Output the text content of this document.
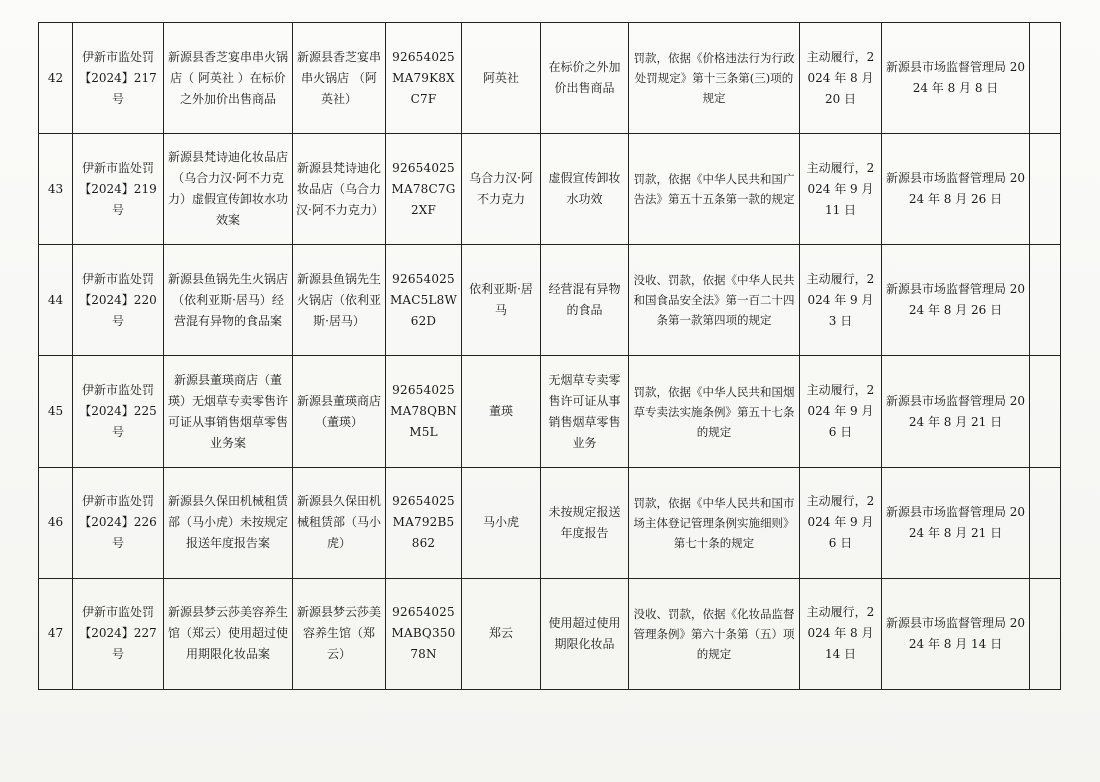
42	伊新市监处罚【2024】217 号	新源县香芝宴串串火锅店（ 阿英社 ）在标价之外加价出售商品	新源县香芝宴串串火锅店 （阿英社）	92654025MA79K8XC7F	阿英社	在标价之外加价出售商品	罚款，依据《价格违法行为行政处罚规定》第十三条第(三)项的规定	主动履行，2024 年 8 月 20 日	新源县市场监督管理局 2024 年 8 月 8 日	
43	伊新市监处罚【2024】219 号	新源县梵诗迪化妆品店（乌合力汉·阿不力克力）虚假宣传卸妆水功效案	新源县梵诗迪化妆品店（乌合力汉·阿不力克力）	92654025MA78C7G2XF	乌合力汉·阿不力克力	虚假宣传卸妆水功效	罚款，依据《中华人民共和国广告法》第五十五条第一款的规定	主动履行，2024 年 9 月 11 日	新源县市场监督管理局 2024 年 8 月 26 日	
44	伊新市监处罚【2024】220 号	新源县鱼锅先生火锅店（依利亚斯·居马）经营混有异物的食品案	新源县鱼锅先生火锅店（依利亚斯·居马）	92654025MAC5L8W62D	依利亚斯·居马	经营混有异物的食品	没收、罚款，依据《中华人民共和国食品安全法》第一百二十四条第一款第四项的规定	主动履行，2024 年 9 月 3 日	新源县市场监督管理局 2024 年 8 月 26 日	
45	伊新市监处罚【2024】225 号	新源县董瑛商店（董瑛）无烟草专卖零售许可证从事销售烟草零售业务案	新源县董瑛商店（董瑛）	92654025MA78QBNM5L	董瑛	无烟草专卖零售许可证从事销售烟草零售业务	罚款，依据《中华人民共和国烟草专卖法实施条例》第五十七条的规定	主动履行，2024 年 9 月 6 日	新源县市场监督管理局 2024 年 8 月 21 日	
46	伊新市监处罚【2024】226 号	新源县久保田机械租赁部（马小虎）未按规定报送年度报告案	新源县久保田机械租赁部（马小虎）	92654025MA792B5862	马小虎	未按规定报送年度报告	罚款，依据《中华人民共和国市场主体登记管理条例实施细则》第七十条的规定	主动履行，2024 年 9 月 6 日	新源县市场监督管理局 2024 年 8 月 21 日	
47	伊新市监处罚【2024】227 号	新源县梦云莎美容养生馆（郑云）使用超过使用期限化妆品案	新源县梦云莎美容养生馆（郑云）	92654025MABQ35078N	郑云	使用超过使用期限化妆品	没收、罚款，依据《化妆品监督管理条例》第六十条第（五）项的规定	主动履行，2024 年 8 月 14 日	新源县市场监督管理局 2024 年 8 月 14 日	
